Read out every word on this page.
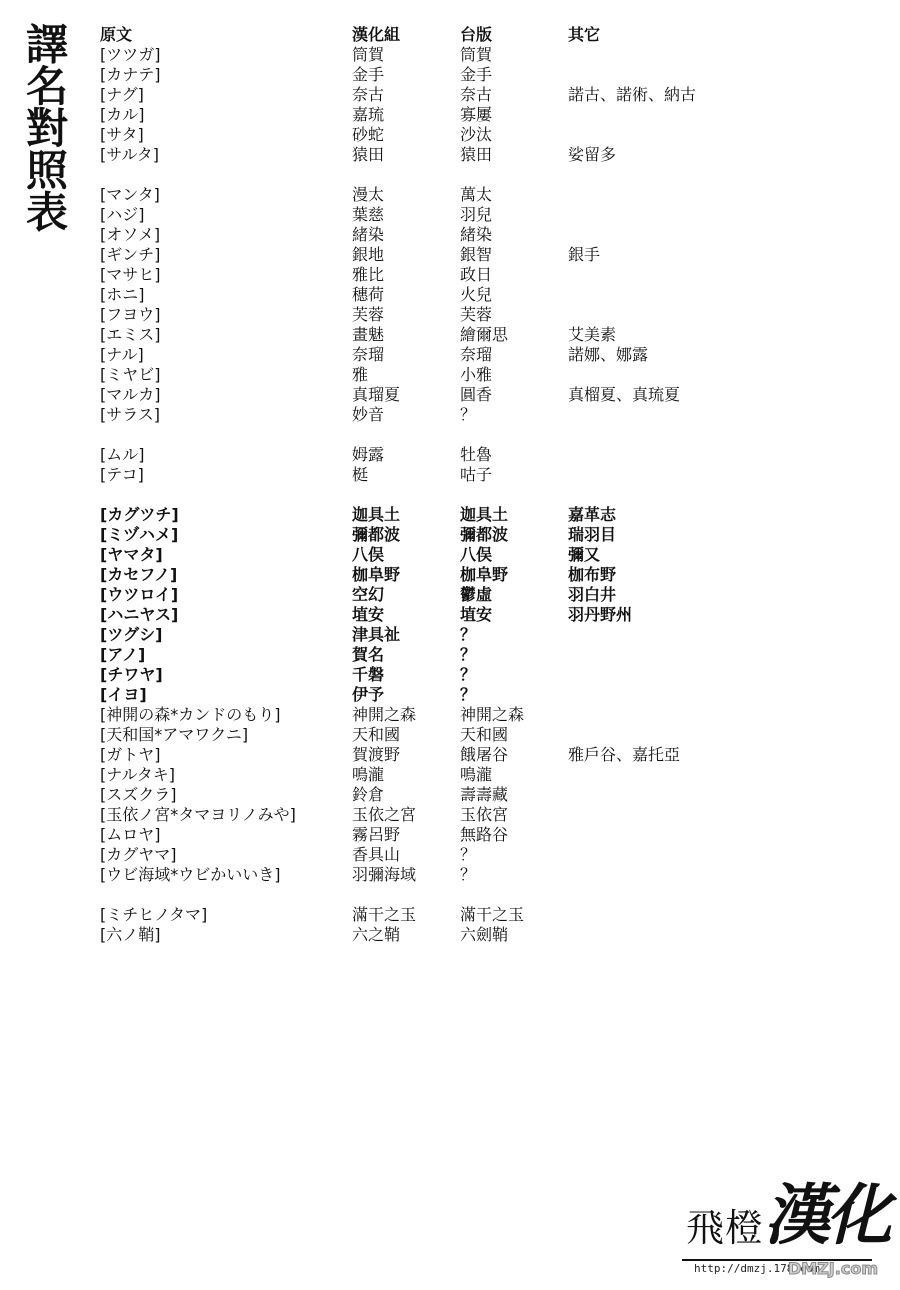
譯名對照表 原文	漢化組	台版	其它
[ツツガ]	筒賀	筒賀
[カナテ]	金手	金手
[ナグ]	奈古	奈古	諾古、諾術、納古
[カル]	嘉琉	寡屢
[サタ]	砂蛇	沙汰
[サルタ]	猿田	猿田	娑留多
[マンタ]	漫太	萬太
[ハジ]	葉慈	羽兒
[オソメ]	緒染	緒染
[ギンチ]	銀地	銀智	銀手
[マサヒ]	雅比	政日
[ホニ]	穗荷	火兒
[フヨウ]	芙蓉	芙蓉
[エミス]	畫魅	繪爾思	艾美素
[ナル]	奈瑠	奈瑠	諾娜、娜露
[ミヤビ]	雅	小雅
[マルカ]	真瑠夏	圓香	真榴夏、真琉夏
[サラス]	妙音	？
[ムル]	姆露	牡魯
[テコ]	梃	咕子
[カグツチ]	迦具土	迦具土	嘉革志
[ミヅハメ]	彌都波	彌都波	瑞羽目
[ヤマタ]	八俣	八俣	彌又
[カセフノ]	枷阜野	枷阜野	枷布野
[ウツロイ]	空幻	鬱虛	羽白井
[ハニヤス]	埴安	埴安	羽丹野州
[ツグシ]	津具祉	？
[アノ]	賀名	？
[チワヤ]	千磐	？
[イヨ]	伊予	？
[神開の森*カンドのもり]	神開之森	神開之森
[天和国*アマワクニ]	天和國	天和國
[ガトヤ]	賀渡野	餓屠谷	雅戶谷、嘉托亞
[ナルタキ]	鳴瀧	鳴瀧
[スズクラ]	鈴倉	壽壽藏
[玉依ノ宮*タマヨリノみや]	玉依之宮	玉依宮
[ムロヤ]	霧呂野	無路谷
[カグヤマ]	香具山	？
[ウビ海域*ウビかいいき]	羽彌海域	？
[ミチヒノタマ]	滿干之玉	滿干之玉
[六ノ鞘]	六之鞘	六劍鞘
飛橙 漢化
http://dmzj.178.com
DMZJ.com
